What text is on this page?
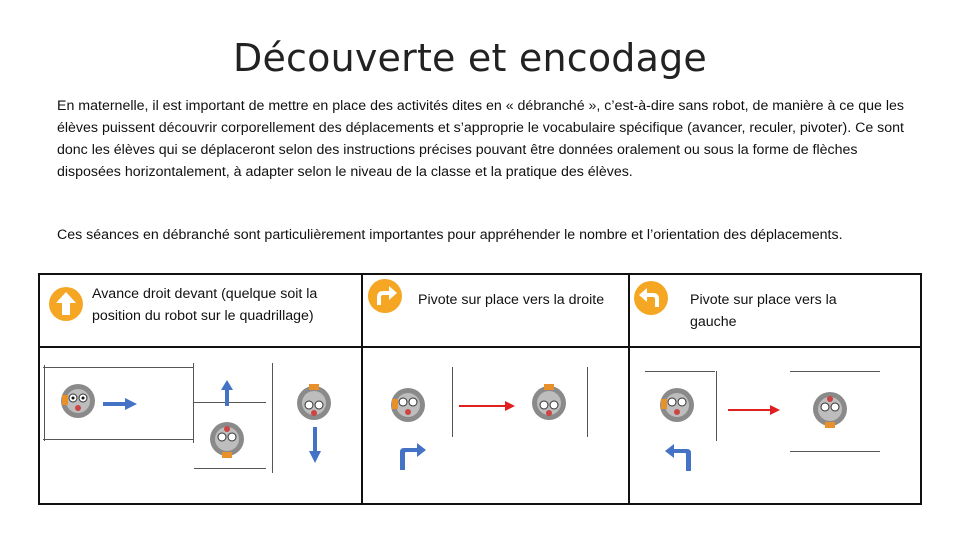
Découverte et encodage
En maternelle, il est important de mettre en place des activités dites en « débranché », c’est-à-dire sans robot, de manière à ce que les élèves puissent découvrir corporellement des déplacements et s’approprie le vocabulaire spécifique (avancer, reculer, pivoter). Ce sont donc les élèves qui se déplaceront selon des instructions précises pouvant être données oralement ou sous la forme de flèches disposées horizontalement, à adapter selon le niveau de la classe et la pratique des élèves.
Ces séances en débranché sont particulièrement importantes pour appréhender le nombre et l’orientation des déplacements.
Avance droit devant (quelque soit la position du robot sur le quadrillage)
Pivote sur place vers la droite	Pivote sur place vers la gauche
